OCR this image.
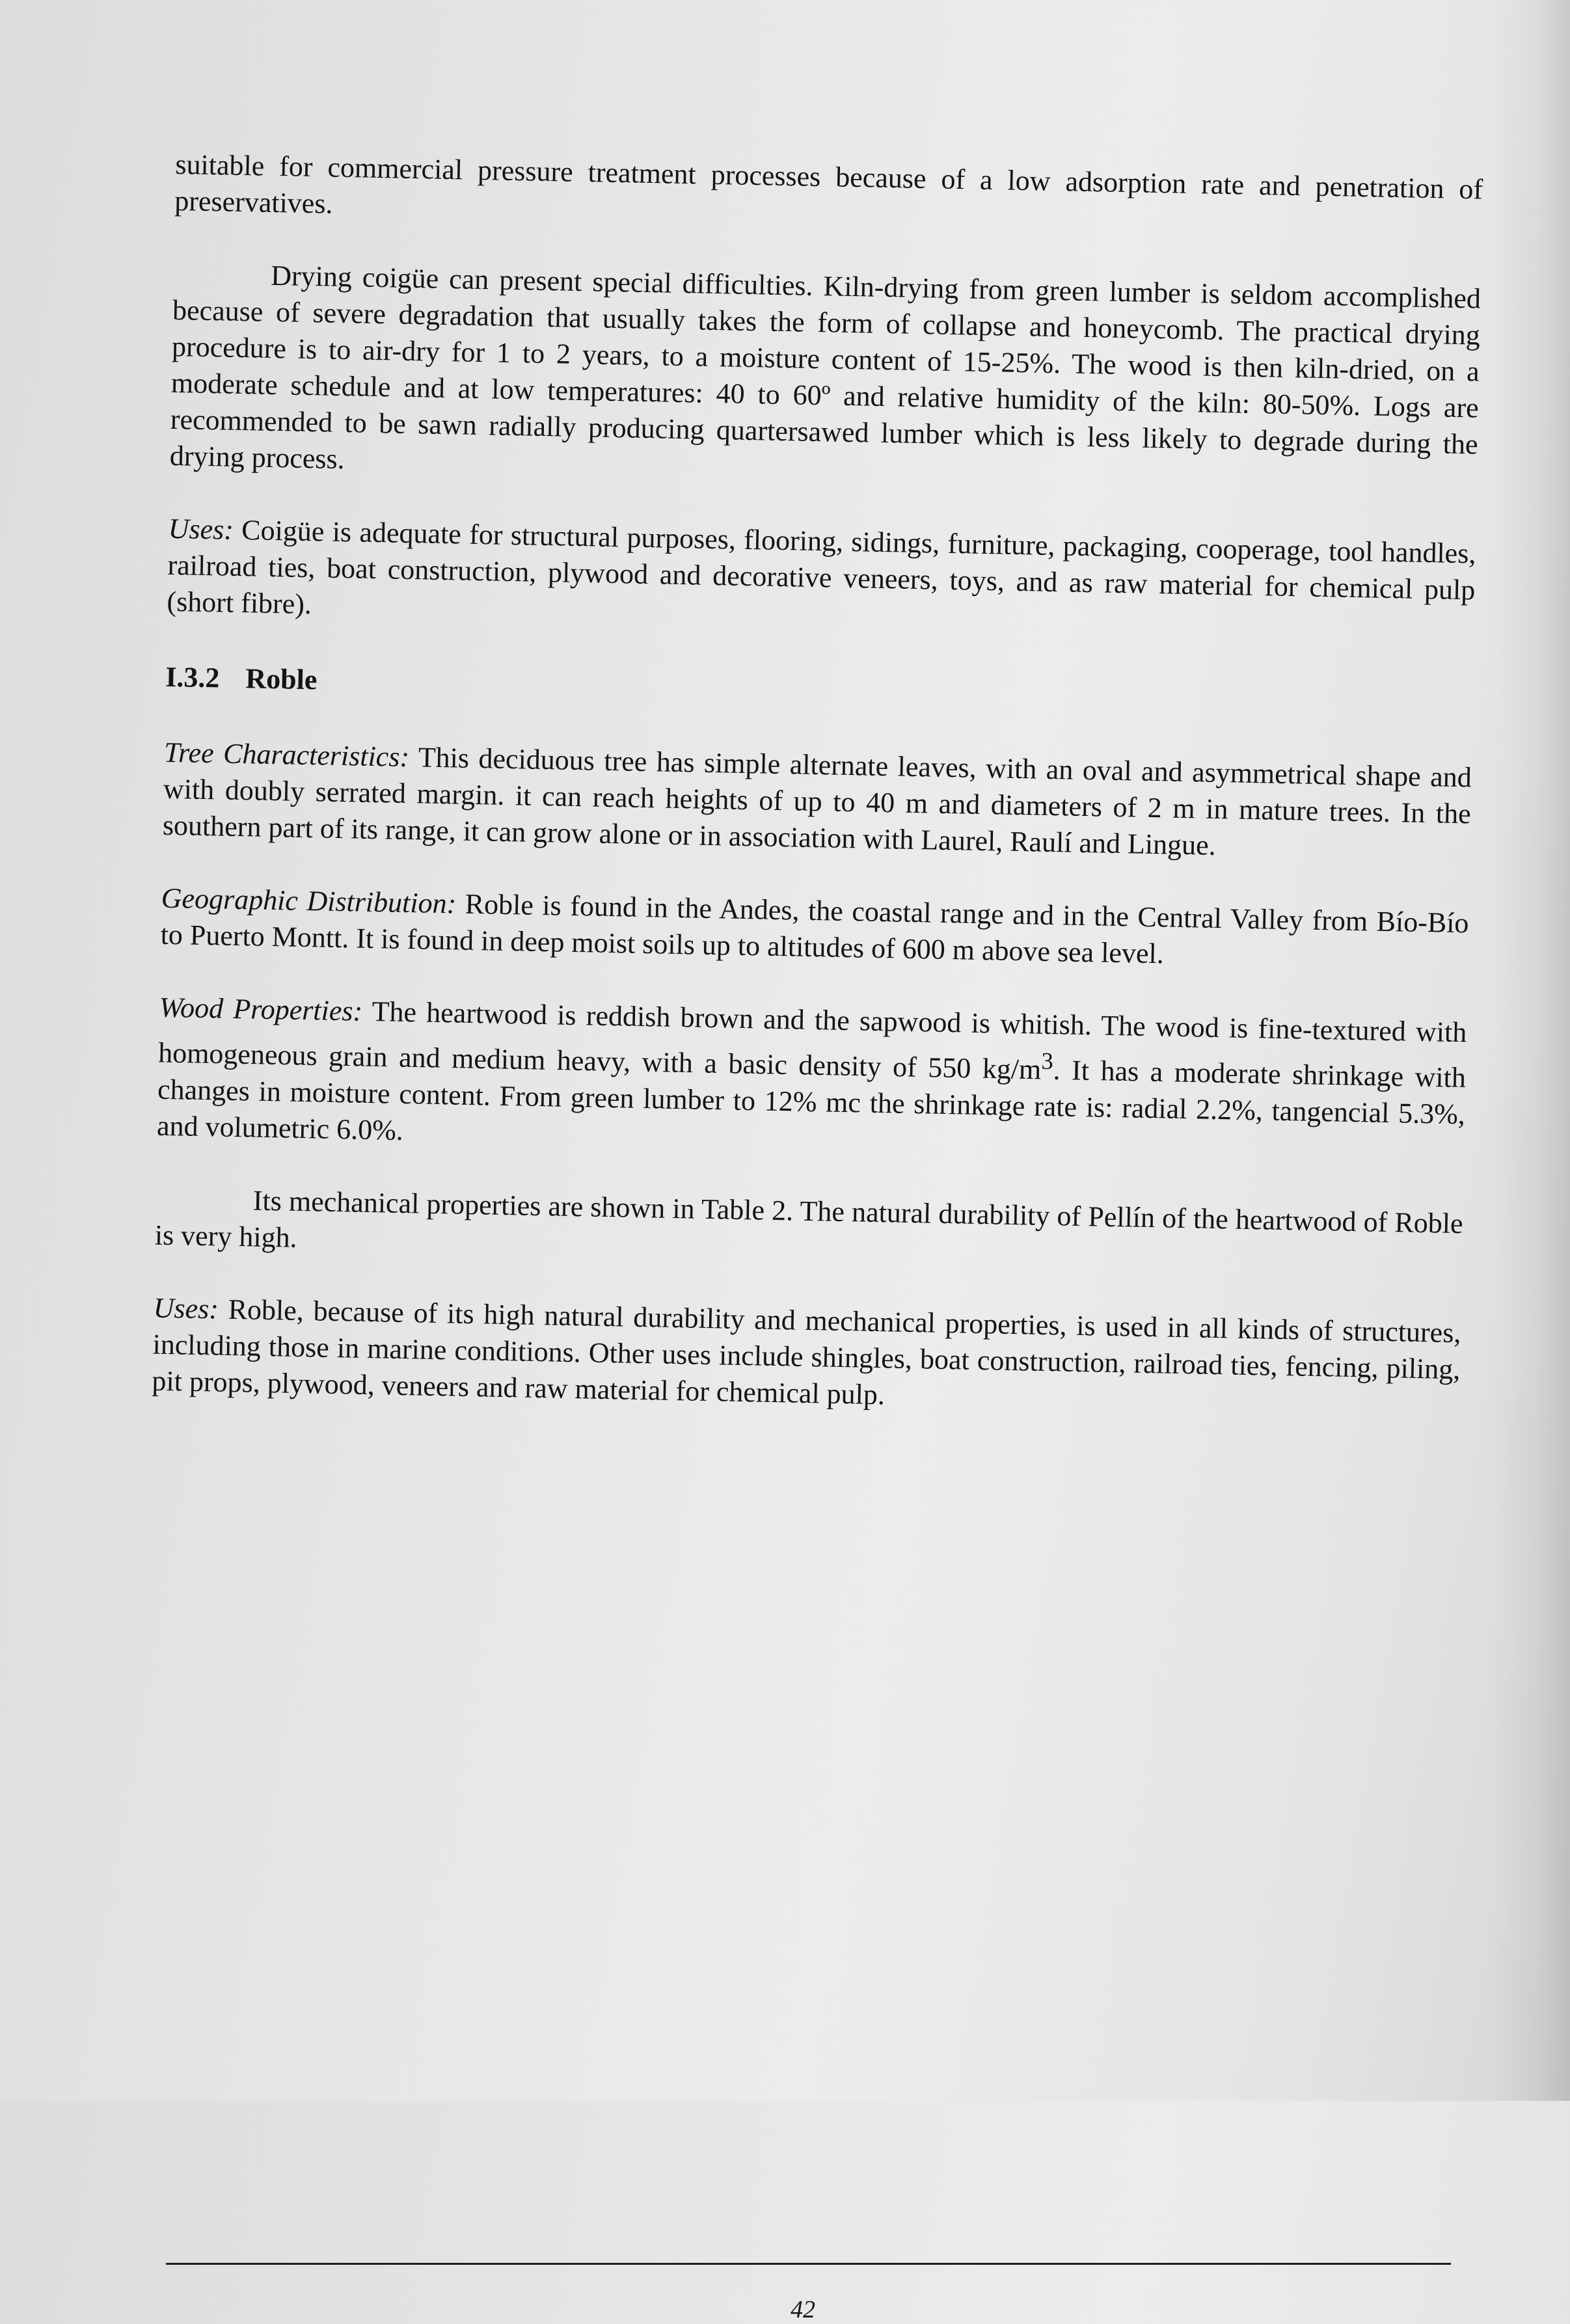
suitable for commercial pressure treatment processes because of a low adsorption rate and penetration of preservatives.

Drying coigüe can present special difficulties. Kiln-drying from green lumber is seldom accomplished because of severe degradation that usually takes the form of collapse and honeycomb. The practical drying procedure is to air-dry for 1 to 2 years, to a moisture content of 15-25%. The wood is then kiln-dried, on a moderate schedule and at low temperatures: 40 to 60º and relative humidity of the kiln: 80-50%. Logs are recommended to be sawn radially producing quartersawed lumber which is less likely to degrade during the drying process.

Uses: Coigüe is adequate for structural purposes, flooring, sidings, furniture, packaging, cooperage, tool handles, railroad ties, boat construction, plywood and decorative veneers, toys, and as raw material for chemical pulp (short fibre).

I.3.2 Roble

Tree Characteristics: This deciduous tree has simple alternate leaves, with an oval and asymmetrical shape and with doubly serrated margin. it can reach heights of up to 40 m and diameters of 2 m in mature trees. In the southern part of its range, it can grow alone or in association with Laurel, Raulí and Lingue.

Geographic Distribution: Roble is found in the Andes, the coastal range and in the Central Valley from Bío-Bío to Puerto Montt. It is found in deep moist soils up to altitudes of 600 m above sea level.

Wood Properties: The heartwood is reddish brown and the sapwood is whitish. The wood is fine-textured with homogeneous grain and medium heavy, with a basic density of 550 $kg/m^3$. It has a moderate shrinkage with changes in moisture content. From green lumber to 12% mc the shrinkage rate is: radial 2.2%, tangencial 5.3%, and volumetric 6.0%.

Its mechanical properties are shown in Table 2. The natural durability of Pellín of the heartwood of Roble is very high.

Uses: Roble, because of its high natural durability and mechanical properties, is used in all kinds of structures, including those in marine conditions. Other uses include shingles, boat construction, railroad ties, fencing, piling, pit props, plywood, veneers and raw material for chemical pulp.

42
